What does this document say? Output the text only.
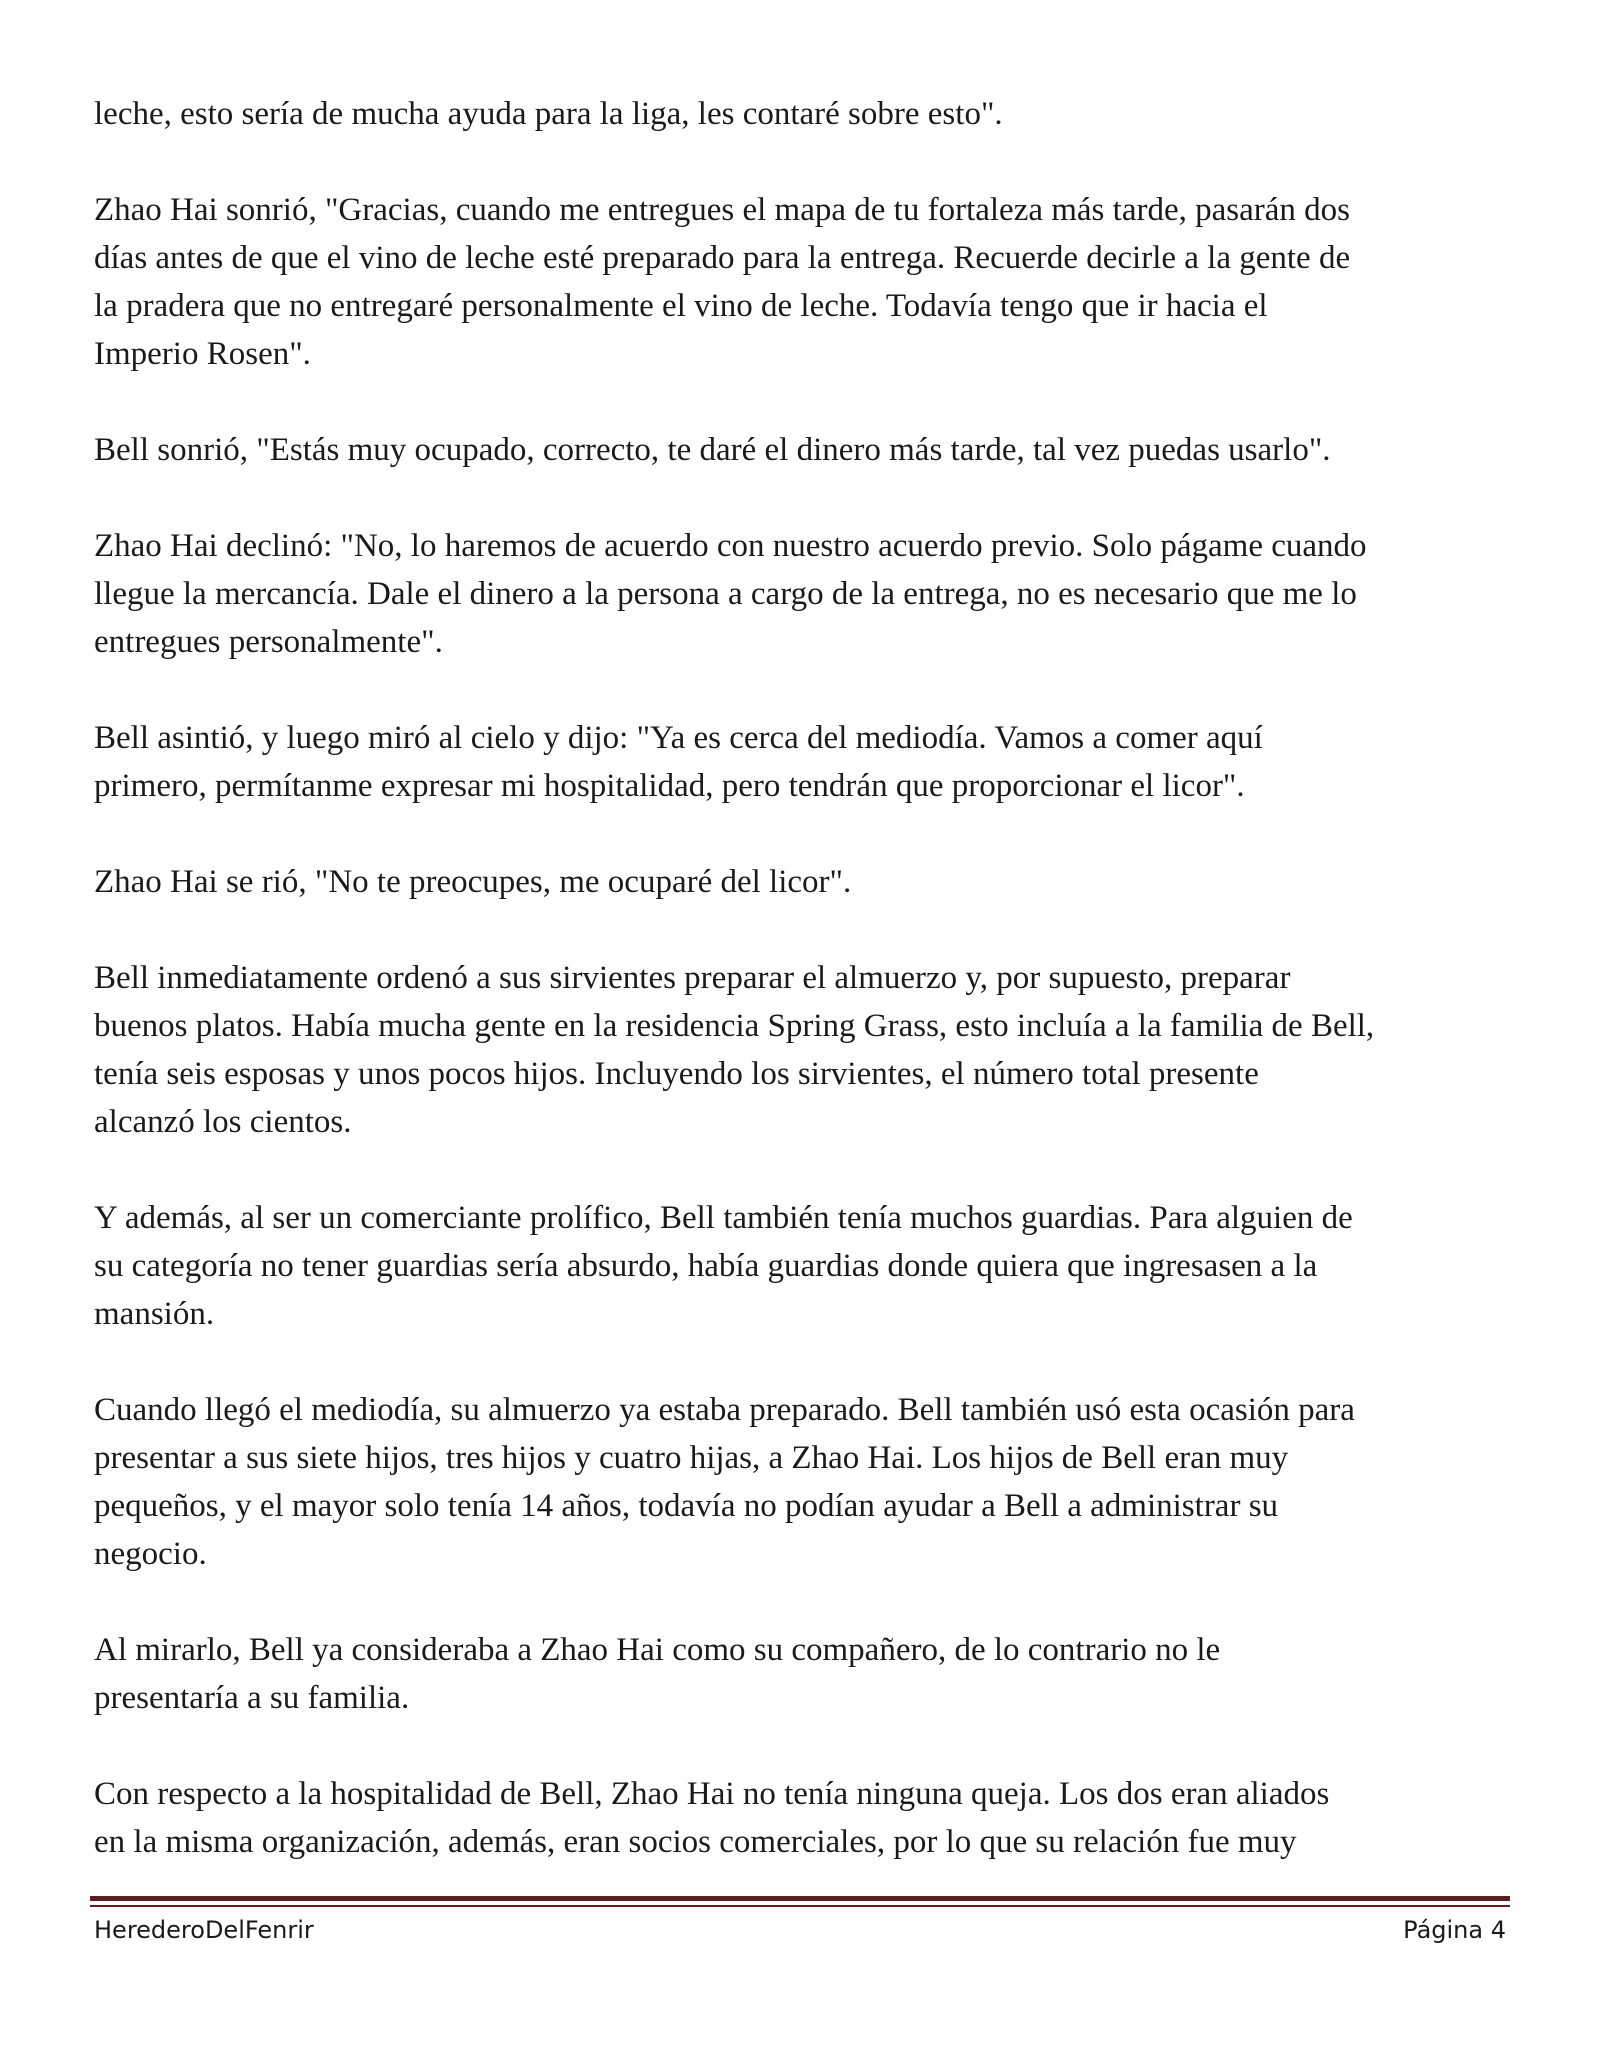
leche, esto sería de mucha ayuda para la liga, les contaré sobre esto".

Zhao Hai sonrió, "Gracias, cuando me entregues el mapa de tu fortaleza más tarde, pasarán dos
días antes de que el vino de leche esté preparado para la entrega. Recuerde decirle a la gente de
la pradera que no entregaré personalmente el vino de leche. Todavía tengo que ir hacia el
Imperio Rosen".

Bell sonrió, "Estás muy ocupado, correcto, te daré el dinero más tarde, tal vez puedas usarlo".

Zhao Hai declinó: "No, lo haremos de acuerdo con nuestro acuerdo previo. Solo págame cuando
llegue la mercancía. Dale el dinero a la persona a cargo de la entrega, no es necesario que me lo
entregues personalmente".

Bell asintió, y luego miró al cielo y dijo: "Ya es cerca del mediodía. Vamos a comer aquí
primero, permítanme expresar mi hospitalidad, pero tendrán que proporcionar el licor".

Zhao Hai se rió, "No te preocupes, me ocuparé del licor".

Bell inmediatamente ordenó a sus sirvientes preparar el almuerzo y, por supuesto, preparar
buenos platos. Había mucha gente en la residencia Spring Grass, esto incluía a la familia de Bell,
tenía seis esposas y unos pocos hijos. Incluyendo los sirvientes, el número total presente
alcanzó los cientos.

Y además, al ser un comerciante prolífico, Bell también tenía muchos guardias. Para alguien de
su categoría no tener guardias sería absurdo, había guardias donde quiera que ingresasen a la
mansión.

Cuando llegó el mediodía, su almuerzo ya estaba preparado. Bell también usó esta ocasión para
presentar a sus siete hijos, tres hijos y cuatro hijas, a Zhao Hai. Los hijos de Bell eran muy
pequeños, y el mayor solo tenía 14 años, todavía no podían ayudar a Bell a administrar su
negocio.

Al mirarlo, Bell ya consideraba a Zhao Hai como su compañero, de lo contrario no le
presentaría a su familia.

Con respecto a la hospitalidad de Bell, Zhao Hai no tenía ninguna queja. Los dos eran aliados
en la misma organización, además, eran socios comerciales, por lo que su relación fue muy

HerederoDelFenrir	Página 4
